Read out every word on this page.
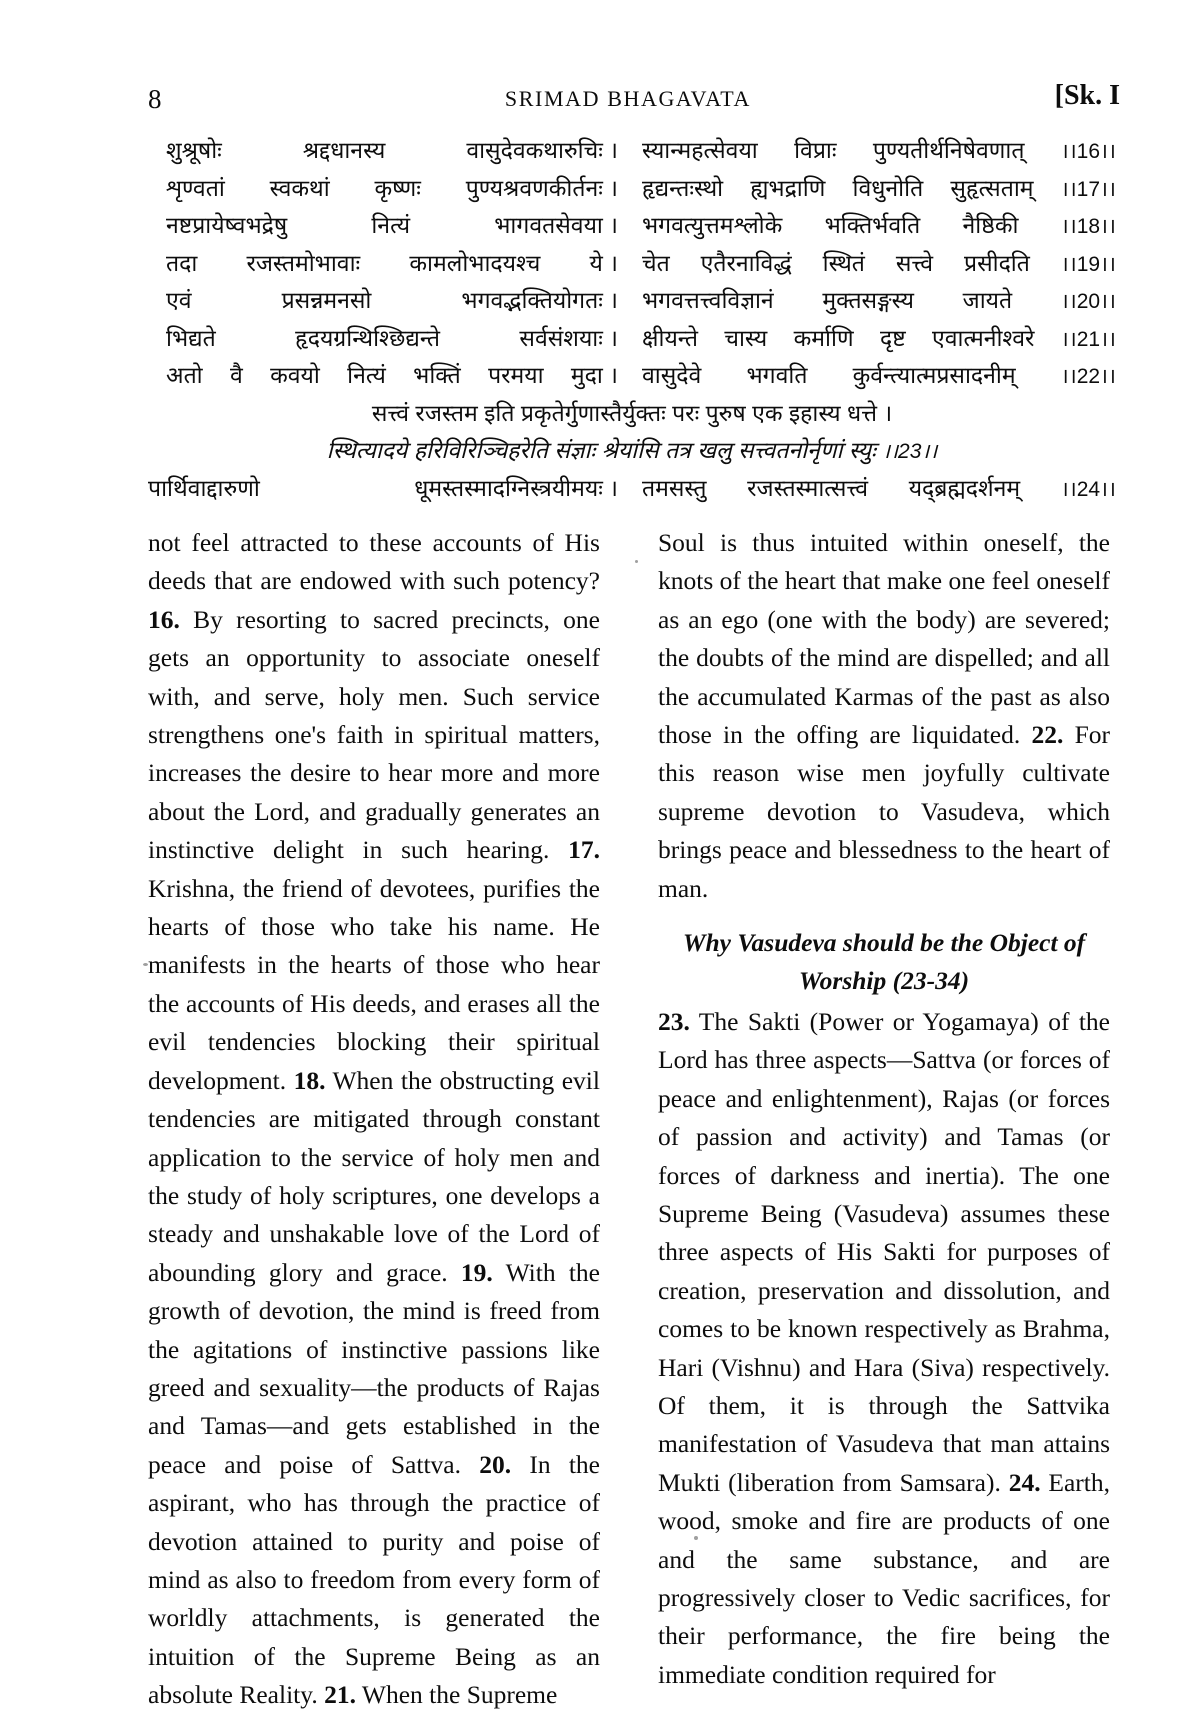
8	SRIMAD BHAGAVATA	[Sk. I
शुश्रूषोः	श्रद्दधानस्य	वासुदेवकथारुचिः । स्यान्महत्सेवया विप्राः पुण्यतीर्थनिषेवणात् ।।16।।
शृण्वतां स्वकथां कृष्णः पुण्यश्रवणकीर्तनः । हृद्यन्तःस्थो ह्यभद्राणि विधुनोति सुहृत्सताम् ।।17।।
नष्टप्रायेष्वभद्रेषु	नित्यं	भागवतसेवया । भगवत्युत्तमश्लोके भक्तिर्भवति नैष्ठिकी ।।18।।
तदा रजस्तमोभावाः कामलोभादयश्च ये । चेत एतैरनाविद्धं स्थितं सत्त्वे प्रसीदति ।।19।।
एवं	प्रसन्नमनसो	भगवद्भक्तियोगतः । भगवत्तत्त्वविज्ञानं मुक्तसङ्गस्य जायते ।।20।।
भिद्यते	हृदयग्रन्थिश्छिद्यन्ते	सर्वसंशयाः । क्षीयन्ते चास्य कर्माणि दृष्ट एवात्मनीश्वरे ।।21।।
अतो वै कवयो नित्यं भक्तिं परमया मुदा । वासुदेवे भगवति कुर्वन्त्यात्मप्रसादनीम् ।।22।।
सत्त्वं रजस्तम इति प्रकृतेर्गुणास्तैर्युक्तः परः पुरुष एक इहास्य धत्ते ।
स्थित्यादये हरिविरिञ्चिहरेति संज्ञाः श्रेयांसि तत्र खलु सत्त्वतनोर्नृणां स्युः ।।23।।
पार्थिवाद्दारुणो	धूमस्तस्मादग्निस्त्रयीमयः । तमसस्तु रजस्तस्मात्सत्त्वं यद्ब्रह्मदर्शनम् ।।24।।

not feel attracted to these accounts of His deeds that are endowed with such potency? 16. By resorting to sacred precincts, one gets an opportunity to associate oneself with, and serve, holy men. Such service strengthens one's faith in spiritual matters, increases the desire to hear more and more about the Lord, and gradually generates an instinctive delight in such hearing. 17. Krishna, the friend of devotees, purifies the hearts of those who take his name. He manifests in the hearts of those who hear the accounts of His deeds, and erases all the evil tendencies blocking their spiritual development. 18. When the obstructing evil tendencies are mitigated through constant application to the service of holy men and the study of holy scriptures, one develops a steady and unshakable love of the Lord of abounding glory and grace. 19. With the growth of devotion, the mind is freed from the agitations of instinctive passions like greed and sexuality—the products of Rajas and Tamas—and gets established in the peace and poise of Sattva. 20. In the aspirant, who has through the practice of devotion attained to purity and poise of mind as also to freedom from every form of worldly attachments, is generated the intuition of the Supreme Being as an absolute Reality. 21. When the Supreme

Soul is thus intuited within oneself, the knots of the heart that make one feel oneself as an ego (one with the body) are severed; the doubts of the mind are dispelled; and all the accumulated Karmas of the past as also those in the offing are liquidated. 22. For this reason wise men joyfully cultivate supreme devotion to Vasudeva, which brings peace and blessedness to the heart of man.

Why Vasudeva should be the Object of
Worship (23-34)

23. The Sakti (Power or Yogamaya) of the Lord has three aspects—Sattva (or forces of peace and enlightenment), Rajas (or forces of passion and activity) and Tamas (or forces of darkness and inertia). The one Supreme Being (Vasudeva) assumes these three aspects of His Sakti for purposes of creation, preservation and dissolution, and comes to be known respectively as Brahma, Hari (Vishnu) and Hara (Siva) respectively. Of them, it is through the Sattvika manifestation of Vasudeva that man attains Mukti (liberation from Samsara). 24. Earth, wood, smoke and fire are products of one and the same substance, and are progressively closer to Vedic sacrifices, for their performance, the fire being the immediate condition required for
